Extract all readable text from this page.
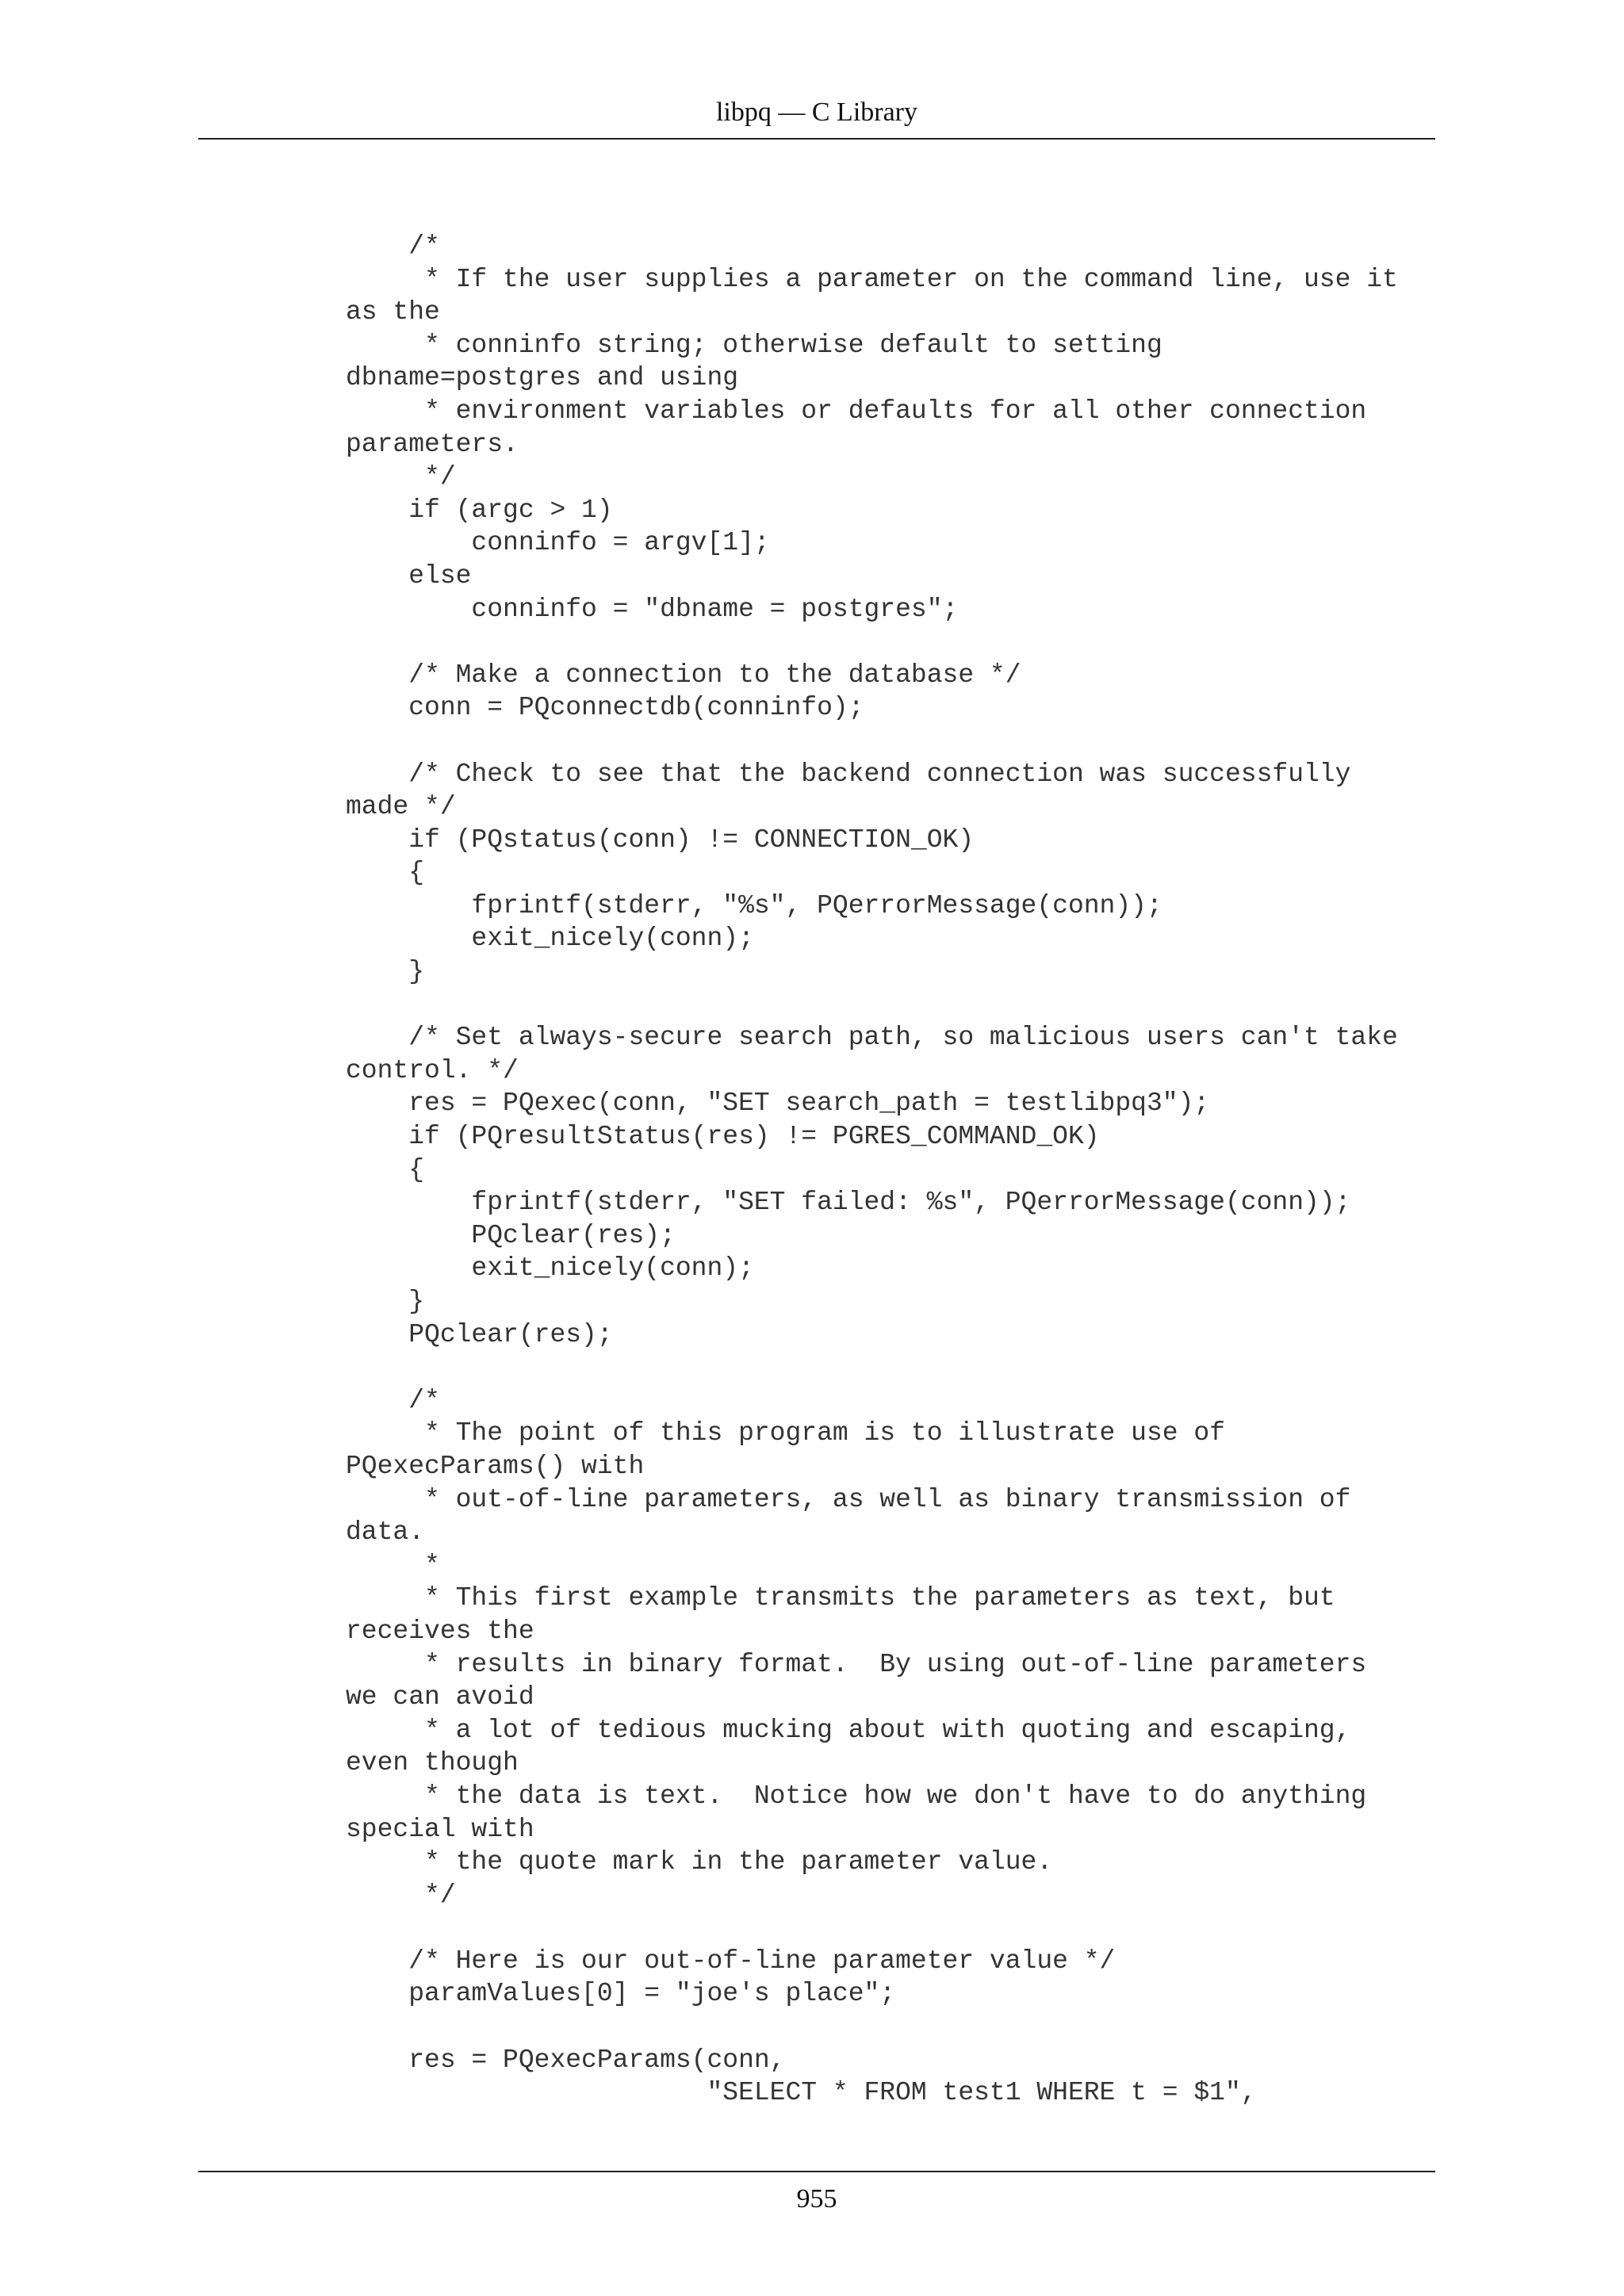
libpq — C Library
/*
* If the user supplies a parameter on the command line, use it
as the
* conninfo string; otherwise default to setting
dbname=postgres and using
* environment variables or defaults for all other connection
parameters.
*/
if (argc > 1)
conninfo = argv[1];
else
conninfo = "dbname = postgres";
/* Make a connection to the database */
conn = PQconnectdb(conninfo);
/* Check to see that the backend connection was successfully
made */
if (PQstatus(conn) != CONNECTION_OK)
{
fprintf(stderr, "%s", PQerrorMessage(conn));
exit_nicely(conn);
}
/* Set always-secure search path, so malicious users can't take
control. */
res = PQexec(conn, "SET search_path = testlibpq3");
if (PQresultStatus(res) != PGRES_COMMAND_OK)
{
fprintf(stderr, "SET failed: %s", PQerrorMessage(conn));
PQclear(res);
exit_nicely(conn);
}
PQclear(res);
/*
* The point of this program is to illustrate use of
PQexecParams() with
* out-of-line parameters, as well as binary transmission of
data.
*
* This first example transmits the parameters as text, but
receives the
* results in binary format.  By using out-of-line parameters
we can avoid
* a lot of tedious mucking about with quoting and escaping,
even though
* the data is text.  Notice how we don't have to do anything
special with
* the quote mark in the parameter value.
*/
/* Here is our out-of-line parameter value */
paramValues[0] = "joe's place";
res = PQexecParams(conn,
"SELECT * FROM test1 WHERE t = $1",
955
